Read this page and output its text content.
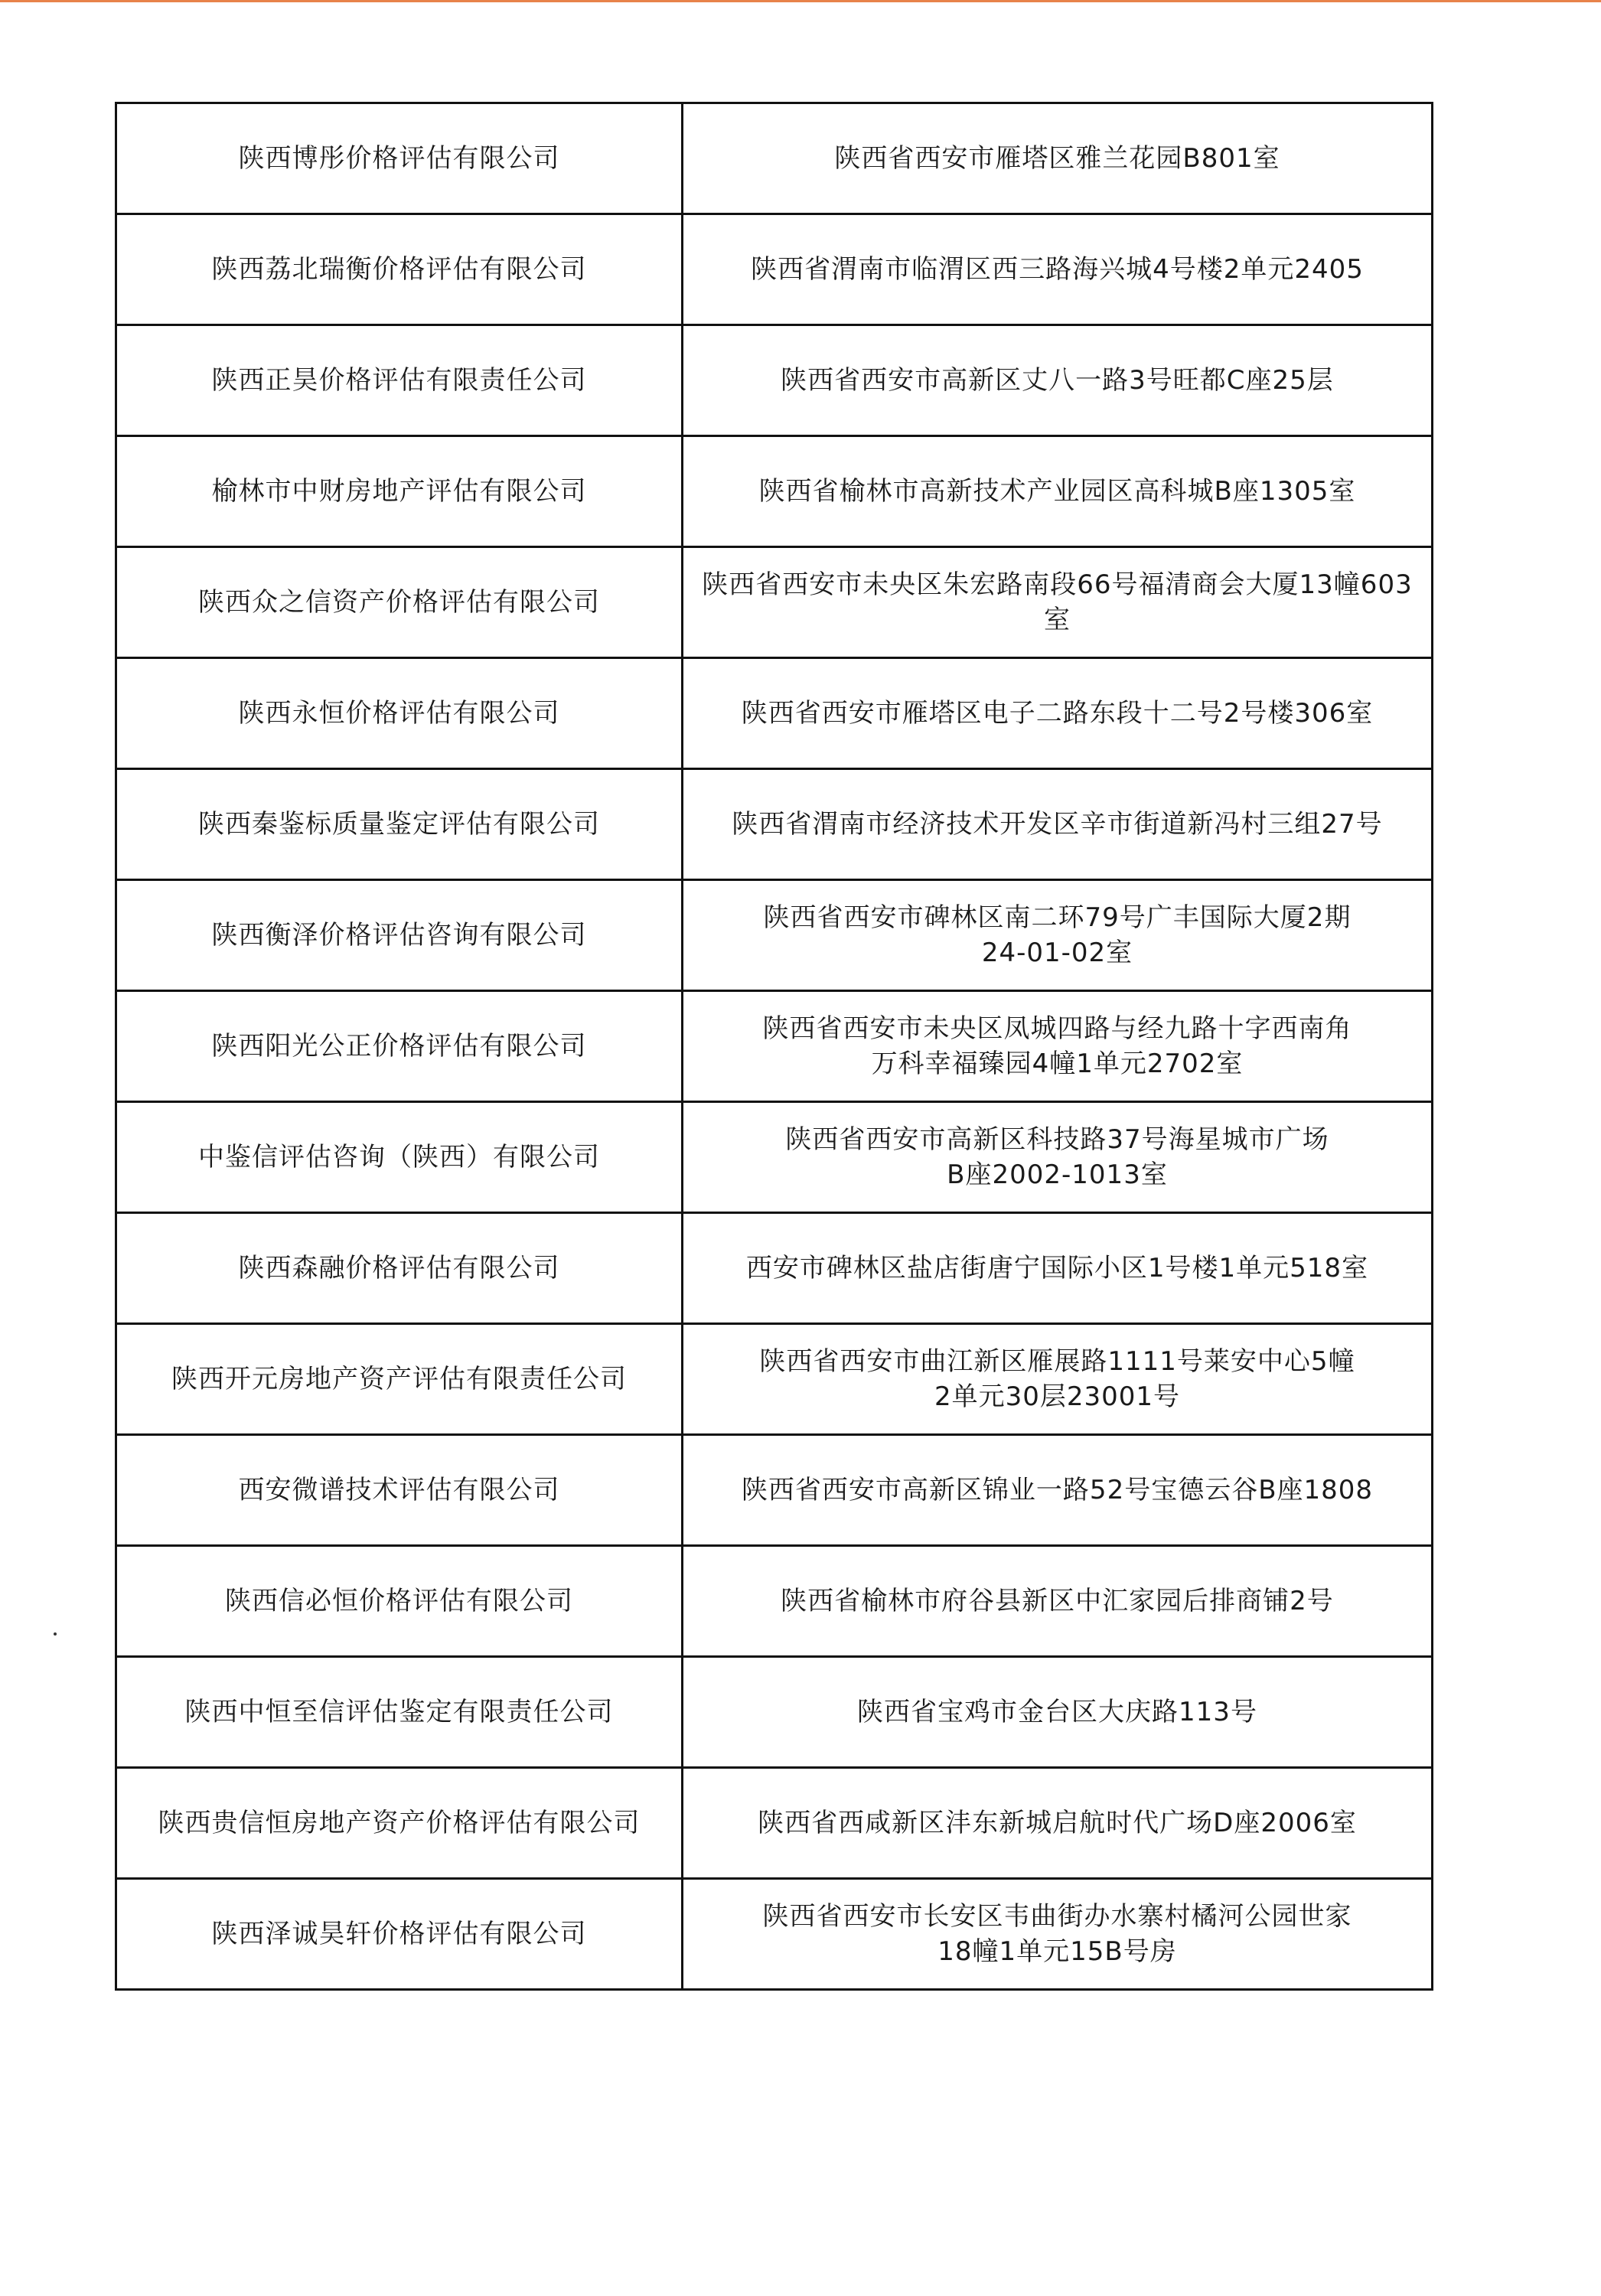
陕西博彤价格评估有限公司	陕西省西安市雁塔区雅兰花园B801室

陕西荔北瑞衡价格评估有限公司	陕西省渭南市临渭区西三路海兴城4号楼2单元2405

陕西正昊价格评估有限责任公司	陕西省西安市高新区丈八一路3号旺都C座25层

榆林市中财房地产评估有限公司	陕西省榆林市高新技术产业园区高科城B座1305室

陕西众之信资产价格评估有限公司	陕西省西安市未央区朱宏路南段66号福清商会大厦13幢603室

陕西永恒价格评估有限公司	陕西省西安市雁塔区电子二路东段十二号2号楼306室

陕西秦鉴标质量鉴定评估有限公司	陕西省渭南市经济技术开发区辛市街道新冯村三组27号

陕西衡泽价格评估咨询有限公司	陕西省西安市碑林区南二环79号广丰国际大厦2期
24-01-02室

陕西阳光公正价格评估有限公司	陕西省西安市未央区凤城四路与经九路十字西南角
万科幸福臻园4幢1单元2702室

中鉴信评估咨询（陕西）有限公司	陕西省西安市高新区科技路37号海星城市广场
B座2002-1013室

陕西森融价格评估有限公司	西安市碑林区盐店街唐宁国际小区1号楼1单元518室

陕西开元房地产资产评估有限责任公司	陕西省西安市曲江新区雁展路1111号莱安中心5幢
2单元30层23001号

西安微谱技术评估有限公司	陕西省西安市高新区锦业一路52号宝德云谷B座1808

陕西信必恒价格评估有限公司	陕西省榆林市府谷县新区中汇家园后排商铺2号

陕西中恒至信评估鉴定有限责任公司	陕西省宝鸡市金台区大庆路113号

陕西贵信恒房地产资产价格评估有限公司	陕西省西咸新区沣东新城启航时代广场D座2006室

陕西泽诚昊轩价格评估有限公司	陕西省西安市长安区韦曲街办水寨村橘河公园世家
18幢1单元15B号房
